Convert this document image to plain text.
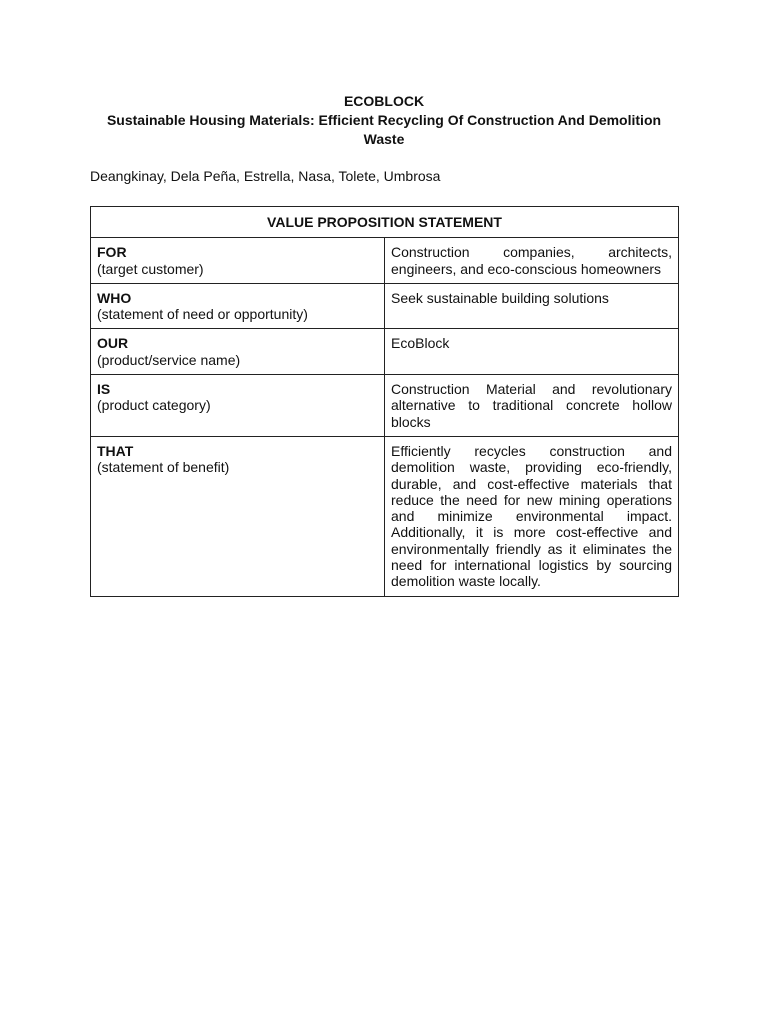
ECOBLOCK
Sustainable Housing Materials: Efficient Recycling Of Construction And Demolition Waste
Deangkinay, Dela Peña, Estrella, Nasa, Tolete, Umbrosa
VALUE PROPOSITION STATEMENT	

FOR
(target customer)	Construction companies, architects, engineers, and eco-conscious homeowners

WHO
(statement of need or opportunity)	Seek sustainable building solutions

OUR
(product/service name)	EcoBlock

IS
(product category)	Construction Material and revolutionary alternative to traditional concrete hollow blocks

THAT
(statement of benefit)	Efficiently recycles construction and demolition waste, providing eco-friendly, durable, and cost-effective materials that reduce the need for new mining operations and minimize environmental impact. Additionally, it is more cost-effective and environmentally friendly as it eliminates the need for international logistics by sourcing demolition waste locally.
